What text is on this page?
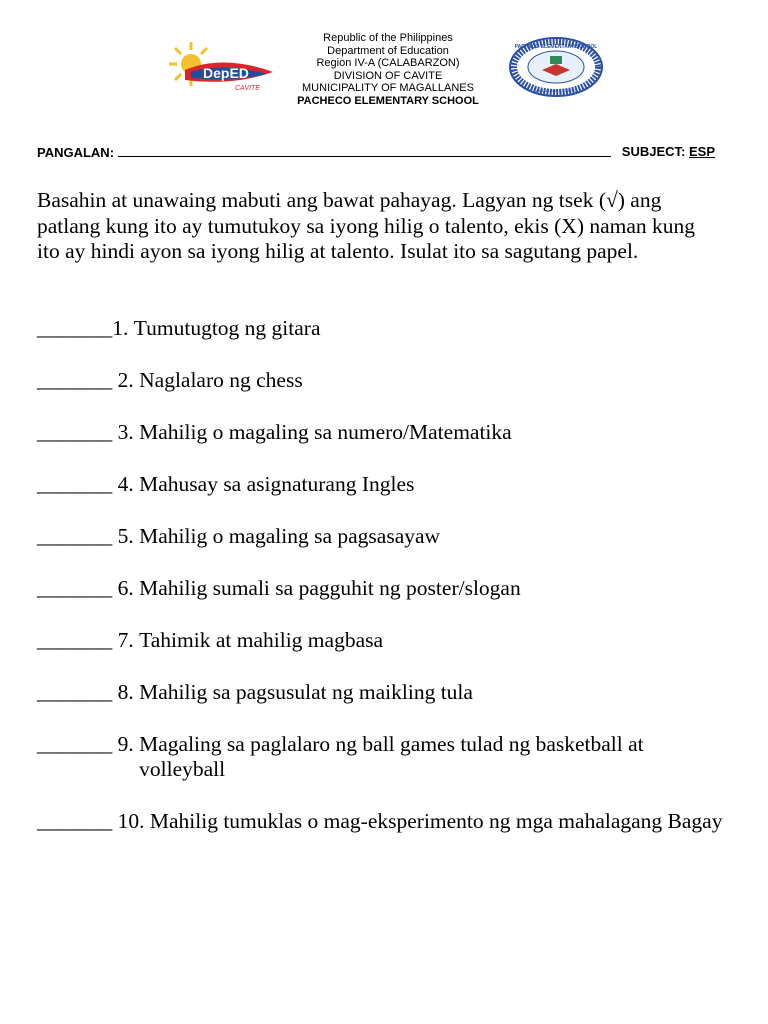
DepED
CAVITE
Republic of the Philippines
Department of Education
Region IV-A (CALABARZON)
DIVISION OF CAVITE
MUNICIPALITY OF MAGALLANES
PACHECO ELEMENTARY SCHOOL
PACHECO ELEMENTARY SCHOOL
MAGALLANES, CAVITE
PANGALAN:	SUBJECT: ESP
Basahin at unawaing mabuti ang bawat pahayag. Lagyan ng tsek (√) ang patlang kung ito ay tumutukoy sa iyong hilig o talento, ekis (X) naman kung ito ay hindi ayon sa iyong hilig at talento. Isulat ito sa sagutang papel.
_______ 1. Tumutugtog ng gitara
_______ 2. Naglalaro ng chess
_______ 3. Mahilig o magaling sa numero/Matematika
_______ 4. Mahusay sa asignaturang Ingles
_______ 5. Mahilig o magaling sa pagsasayaw
_______ 6. Mahilig sumali sa pagguhit ng poster/slogan
_______ 7. Tahimik at mahilig magbasa
_______ 8. Mahilig sa pagsusulat ng maikling tula
_______ 9. Magaling sa paglalaro ng ball games tulad ng basketball at volleyball
_______ 10. Mahilig tumuklas o mag-eksperimento ng mga mahalagang Bagay
